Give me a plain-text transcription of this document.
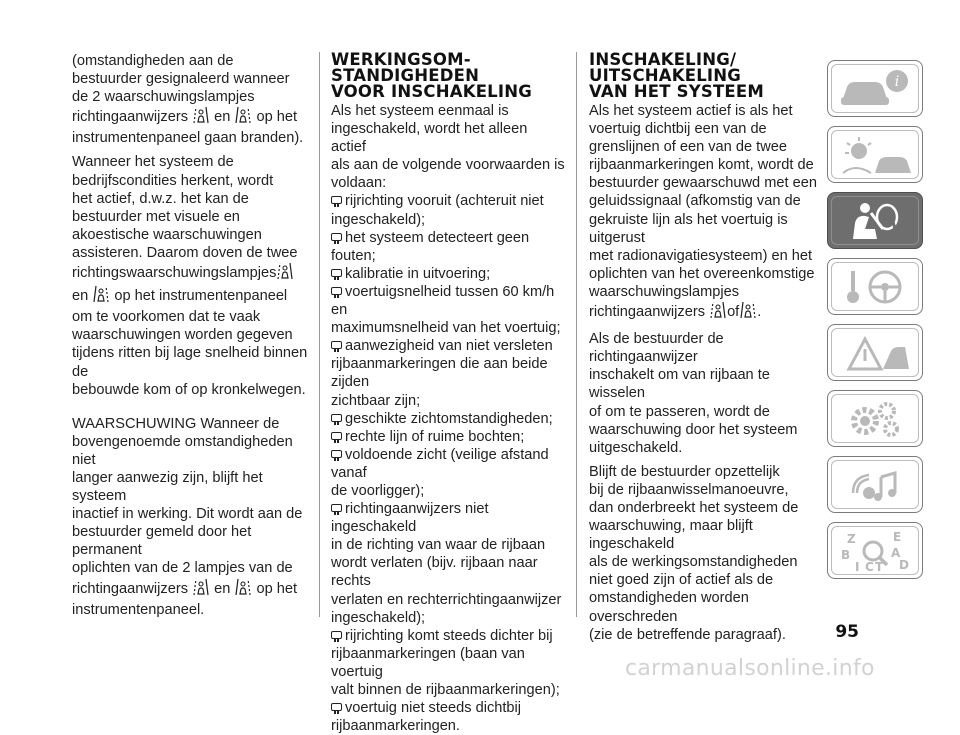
(omstandigheden aan de
bestuurder gesignaleerd wanneer
de 2 waarschuwingslampjes
richtingaanwijzers en op het
instrumentenpaneel gaan branden).

Wanneer het systeem de
bedrijfscondities herkent, wordt
het actief, d.w.z. het kan de
bestuurder met visuele en
akoestische waarschuwingen
assisteren. Daarom doven de twee
richtingswaarschuwingslampjes
en op het instrumentenpaneel
om te voorkomen dat te vaak
waarschuwingen worden gegeven
tijdens ritten bij lage snelheid binnen de
bebouwde kom of op kronkelwegen.

WAARSCHUWING Wanneer de
bovengenoemde omstandigheden niet
langer aanwezig zijn, blijft het systeem
inactief in werking. Dit wordt aan de
bestuurder gemeld door het permanent
oplichten van de 2 lampjes van de
richtingaanwijzers en op het
instrumentenpaneel.

WERKINGSOM-
STANDIGHEDEN
VOOR INSCHAKELING

Als het systeem eenmaal is
ingeschakeld, wordt het alleen actief
als aan de volgende voorwaarden is
voldaan:

rijrichting vooruit (achteruit niet
ingeschakeld);

het systeem detecteert geen fouten;

kalibratie in uitvoering;

voertuigsnelheid tussen 60 km/h en
maximumsnelheid van het voertuig;

aanwezigheid van niet versleten
rijbaanmarkeringen die aan beide zijden
zichtbaar zijn;

geschikte zichtomstandigheden;

rechte lijn of ruime bochten;

voldoende zicht (veilige afstand vanaf
de voorligger);

richtingaanwijzers niet ingeschakeld
in de richting van waar de rijbaan
wordt verlaten (bijv. rijbaan naar rechts
verlaten en rechterrichtingaanwijzer
ingeschakeld);

rijrichting komt steeds dichter bij
rijbaanmarkeringen (baan van voertuig
valt binnen de rijbaanmarkeringen);

voertuig niet steeds dichtbij
rijbaanmarkeringen.

INSCHAKELING/
UITSCHAKELING
VAN HET SYSTEEM

Als het systeem actief is als het
voertuig dichtbij een van de
grenslijnen of een van de twee
rijbaanmarkeringen komt, wordt de
bestuurder gewaarschuwd met een
geluidssignaal (afkomstig van de
gekruiste lijn als het voertuig is uitgerust
met radionavigatiesysteem) en het
oplichten van het overeenkomstige
waarschuwingslampjes
richtingaanwijzers of .

Als de bestuurder de richtingaanwijzer
inschakelt om van rijbaan te wisselen
of om te passeren, wordt de
waarschuwing door het systeem
uitgeschakeld.

Blijft de bestuurder opzettelijk
bij de rijbaanwisselmanoeuvre,
dan onderbreekt het systeem de
waarschuwing, maar blijft ingeschakeld
als de werkingsomstandigheden
niet goed zijn of actief als de
omstandigheden worden overschreden
(zie de betreffende paragraaf).

i
Z	E
B	A
I C T D
95
carmanualsonline.info
